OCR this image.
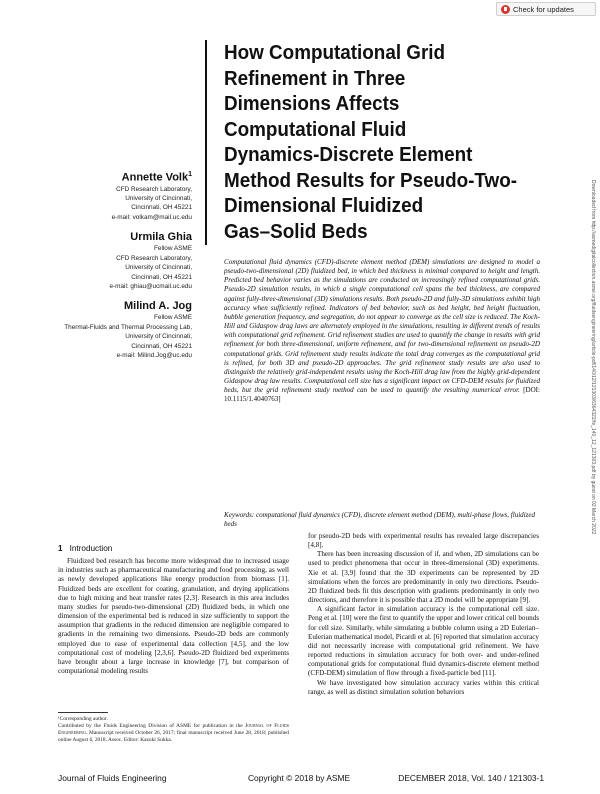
Check for updates
How Computational Grid
Refinement in Three
Dimensions Affects
Computational Fluid
Dynamics-Discrete Element
Method Results for Pseudo-Two-
Dimensional Fluidized
Gas–Solid Beds
Annette Volk$^1$
CFD Research Laboratory,
University of Cincinnati,
Cincinnati, OH 45221
e-mail: volkam@mail.uc.edu
Urmila Ghia
Fellow ASME
CFD Research Laboratory,
University of Cincinnati,
Cincinnati, OH 45221
e-mail: ghiau@ucmail.uc.edu
Milind A. Jog
Fellow ASME
Thermal-Fluids and Thermal Processing Lab,
University of Cincinnati,
Cincinnati, OH 45221
e-mail: Milind.Jog@uc.edu
Computational fluid dynamics (CFD)-discrete element method (DEM) simulations are designed to model a pseudo-two-dimensional (2D) fluidized bed, in which bed thickness is minimal compared to height and length. Predicted bed behavior varies as the simulations are conducted on increasingly refined computational grids. Pseudo-2D simulation results, in which a single computational cell spans the bed thickness, are compared against fully-three-dimensional (3D) simulations results. Both pseudo-2D and fully-3D simulations exhibit high accuracy when sufficiently refined. Indicators of bed behavior, such as bed height, bed height fluctuation, bubble generation frequency, and segregation, do not appear to converge as the cell size is reduced. The Koch-Hill and Gidaspow drag laws are alternately employed in the simulations, resulting in different trends of results with computational grid refinement. Grid refinement studies are used to quantify the change in results with grid refinement for both three-dimensional, uniform refinement, and for two-dimensional refinement on pseudo-2D computational grids. Grid refinement study results indicate the total drag converges as the computational grid is refined, for both 3D and pseudo-2D approaches. The grid refinement study results are also used to distinguish the relatively grid-independent results using the Koch-Hill drag law from the highly grid-dependent Gidaspow drag law results. Computational cell size has a significant impact on CFD-DEM results for fluidized beds, but the grid refinement study method can be used to quantify the resulting numerical error. [DOI: 10.1115/1.4040763]
Keywords: computational fluid dynamics (CFD), discrete element method (DEM), multi-phase flows, fluidized beds	Downloaded from http://asmedigitalcollection.asme.org/fluidsengineering/article-pdf/140/12/121303/6364322/fe_140_12_121303.pdf by guest on 02 March 2022
1 Introduction

Fluidized bed research has become more widespread due to increased usage in industries such as pharmaceutical manufacturing and food processing, as well as newly developed applications like energy production from biomass [1]. Fluidized beds are excellent for coating, granulation, and drying applications due to high mixing and heat transfer rates [2,3]. Research in this area includes many studies for pseudo-two-dimensional (2D) fluidized beds, in which one dimension of the experimental bed is reduced in size sufficiently to support the assumption that gradients in the reduced dimension are negligible compared to gradients in the remaining two dimensions. Pseudo-2D beds are commonly employed due to ease of experimental data collection [4,5], and the low computational cost of modeling [2,3,6]. Pseudo-2D fluidized bed experiments have brought about a large increase in knowledge [7], but comparison of computational modeling results

¹Corresponding author.
Contributed by the Fluids Engineering Division of ASME for publication in the Journal of Fluids Engineering. Manuscript received October 26, 2017; final manuscript received June 28, 2018; published online August 6, 2018. Assoc. Editor: Kazuki Sukka.

for pseudo-2D beds with experimental results has revealed large discrepancies [4,8].

There has been increasing discussion of if, and when, 2D simulations can be used to predict phenomena that occur in three-dimensional (3D) experiments. Xie et al. [3,9] found that the 3D experiments can be represented by 2D simulations when the forces are predominantly in only two directions. Pseudo-2D fluidized beds fit this description with gradients predominantly in only two directions, and therefore it is possible that a 2D model will be appropriate [9].

A significant factor in simulation accuracy is the computational cell size. Peng et al. [10] were the first to quantify the upper and lower critical cell bounds for cell size. Similarly, while simulating a bubble column using a 2D Eulerian–Eulerian mathematical model, Picardi et al. [6] reported that simulation accuracy did not necessarily increase with computational grid refinement. We have reported reductions in simulation accuracy for both over- and under-refined computational grids for computational fluid dynamics-discrete element method (CFD-DEM) simulation of flow through a fixed-particle bed [11].

We have investigated how simulation accuracy varies within this critical range, as well as distinct simulation solution behaviors

Journal of Fluids Engineering	Copyright © 2018 by ASME	DECEMBER 2018, Vol. 140 / 121303-1
